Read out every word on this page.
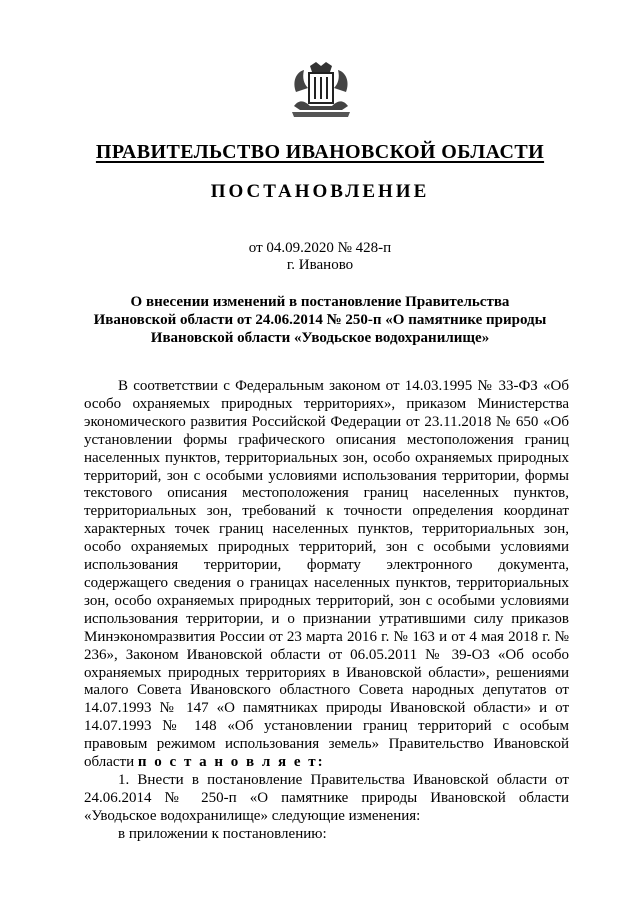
ПРАВИТЕЛЬСТВО ИВАНОВСКОЙ ОБЛАСТИ
ПОСТАНОВЛЕНИЕ
от 04.09.2020 № 428-п
г. Иваново
О внесении изменений в постановление Правительства
Ивановской области от 24.06.2014 № 250-п «О памятнике природы
Ивановской области «Уводьское водохранилище»

В соответствии с Федеральным законом от 14.03.1995 № 33-ФЗ «Об особо охраняемых природных территориях», приказом Министерства экономического развития Российской Федерации от 23.11.2018 № 650 «Об установлении формы графического описания местоположения границ населенных пунктов, территориальных зон, особо охраняемых природных территорий, зон с особыми условиями использования территории, формы текстового описания местоположения границ населенных пунктов, территориальных зон, требований к точности определения координат характерных точек границ населенных пунктов, территориальных зон, особо охраняемых природных территорий, зон с особыми условиями использования территории, формату электронного документа, содержащего сведения о границах населенных пунктов, территориальных зон, особо охраняемых природных территорий, зон с особыми условиями использования территории, и о признании утратившими силу приказов Минэкономразвития России от 23 марта 2016 г. № 163 и от 4 мая 2018 г. № 236», Законом Ивановской области от 06.05.2011 № 39-ОЗ «Об особо охраняемых природных территориях в Ивановской области», решениями малого Совета Ивановского областного Совета народных депутатов от 14.07.1993 № 147 «О памятниках природы Ивановской области» и от 14.07.1993 № 148 «Об установлении границ территорий с особым правовым режимом использования земель» Правительство Ивановской области п о с т а н о в л я е т:

1. Внести в постановление Правительства Ивановской области от 24.06.2014 № 250-п «О памятнике природы Ивановской области «Уводьское водохранилище» следующие изменения:

в приложении к постановлению:
